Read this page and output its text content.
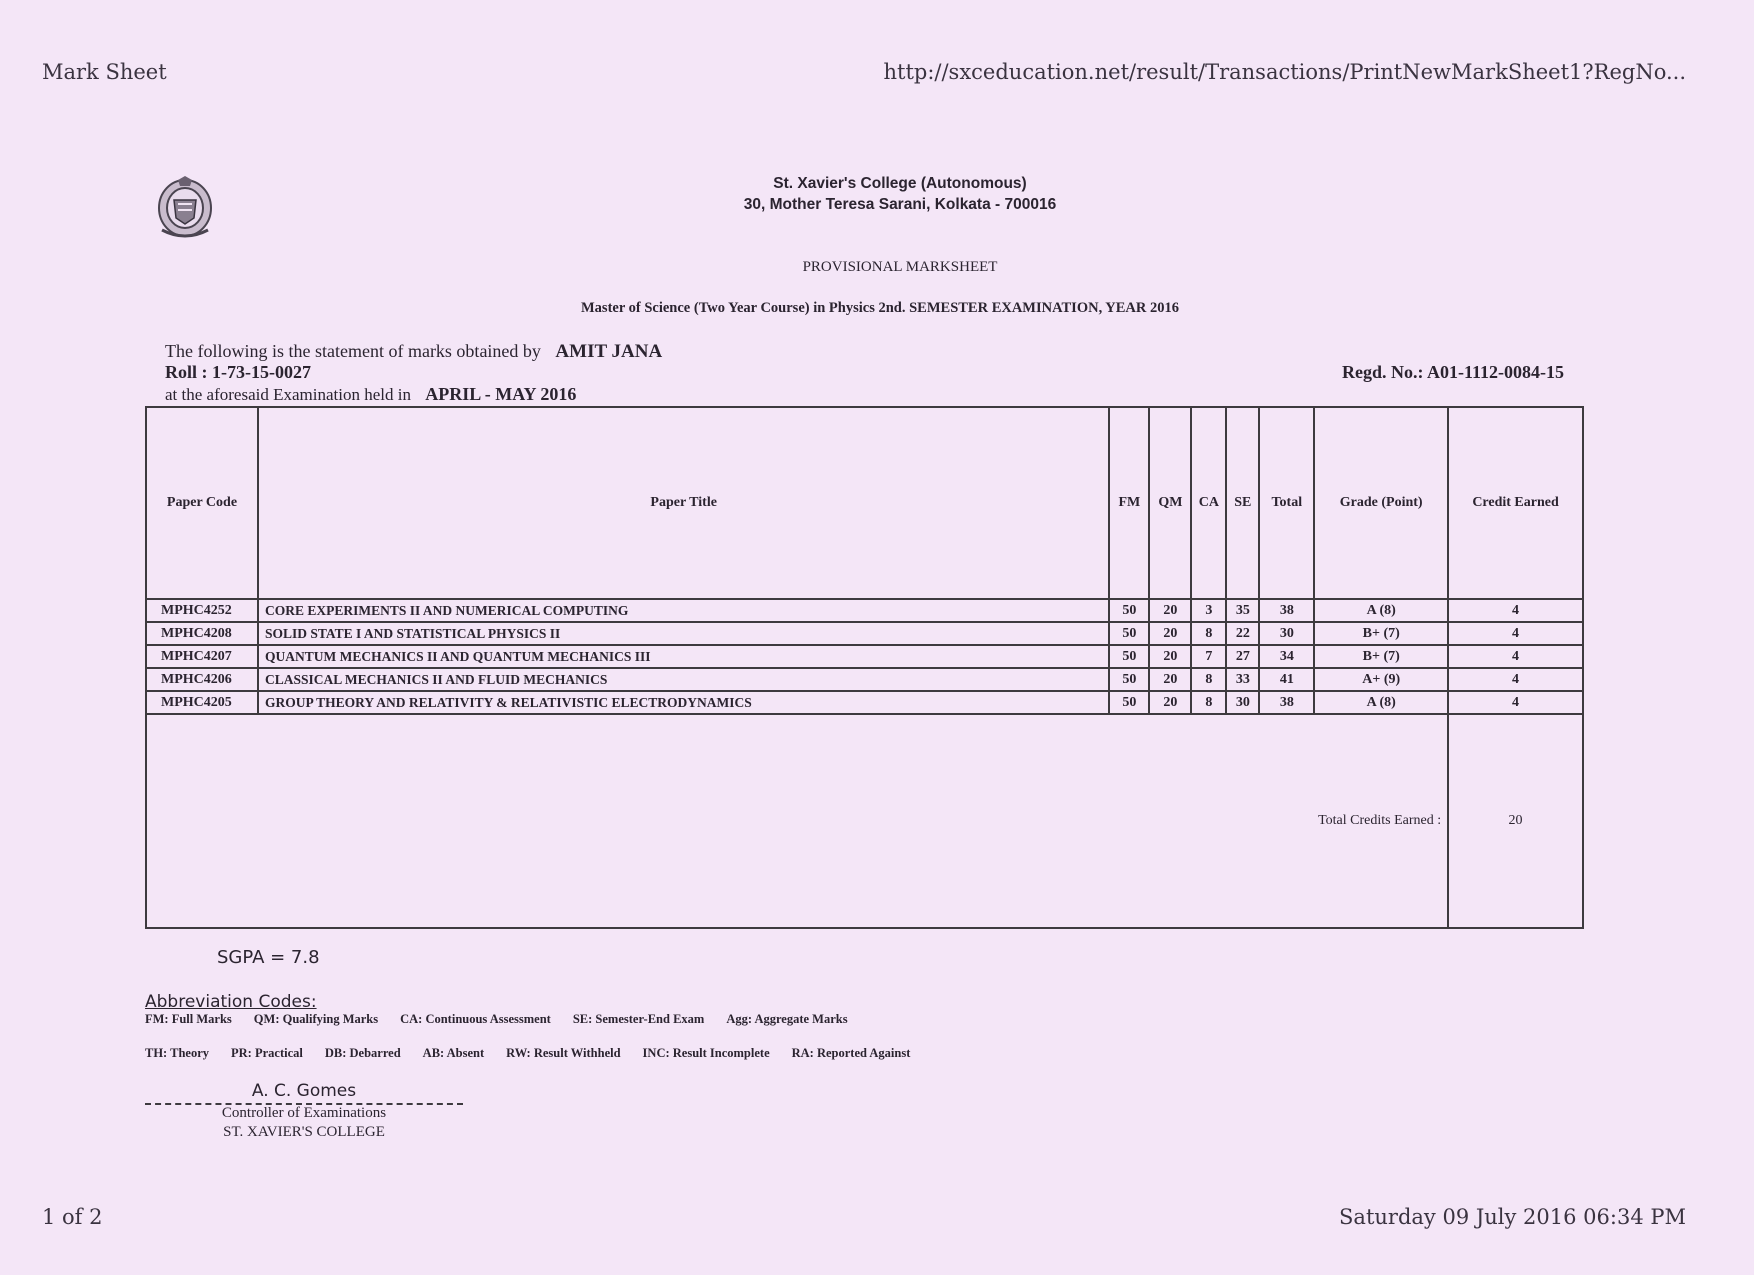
Mark Sheet	http://sxceducation.net/result/Transactions/PrintNewMarkSheet1?RegNo...
St. Xavier's College (Autonomous)
30, Mother Teresa Sarani, Kolkata - 700016
PROVISIONAL MARKSHEET
Master of Science (Two Year Course) in Physics 2nd. SEMESTER EXAMINATION, YEAR 2016
The following is the statement of marks obtained by AMIT JANA
Roll : 1-73-15-0027
at the aforesaid Examination held in APRIL - MAY 2016
Regd. No.: A01-1112-0084-15
Paper Code	Paper Title	FM	QM	CA	SE	Total	Grade (Point)	Credit Earned
MPHC4252	CORE EXPERIMENTS II AND NUMERICAL COMPUTING	50	20	3	35	38	A (8)	4
MPHC4208	SOLID STATE I AND STATISTICAL PHYSICS II	50	20	8	22	30	B+ (7)	4
MPHC4207	QUANTUM MECHANICS II AND QUANTUM MECHANICS III	50	20	7	27	34	B+ (7)	4
MPHC4206	CLASSICAL MECHANICS II AND FLUID MECHANICS	50	20	8	33	41	A+ (9)	4
MPHC4205	GROUP THEORY AND RELATIVITY & RELATIVISTIC ELECTRODYNAMICS	50	20	8	30	38	A (8)	4
Total Credits Earned :								20
SGPA = 7.8
Abbreviation Codes:
FM: Full Marks QM: Qualifying Marks CA: Continuous Assessment SE: Semester-End Exam Agg: Aggregate Marks
TH: Theory PR: Practical DB: Debarred AB: Absent RW: Result Withheld INC: Result Incomplete RA: Reported Against
A. C. Gomes
Controller of Examinations
ST. XAVIER'S COLLEGE
1 of 2	Saturday 09 July 2016 06:34 PM
